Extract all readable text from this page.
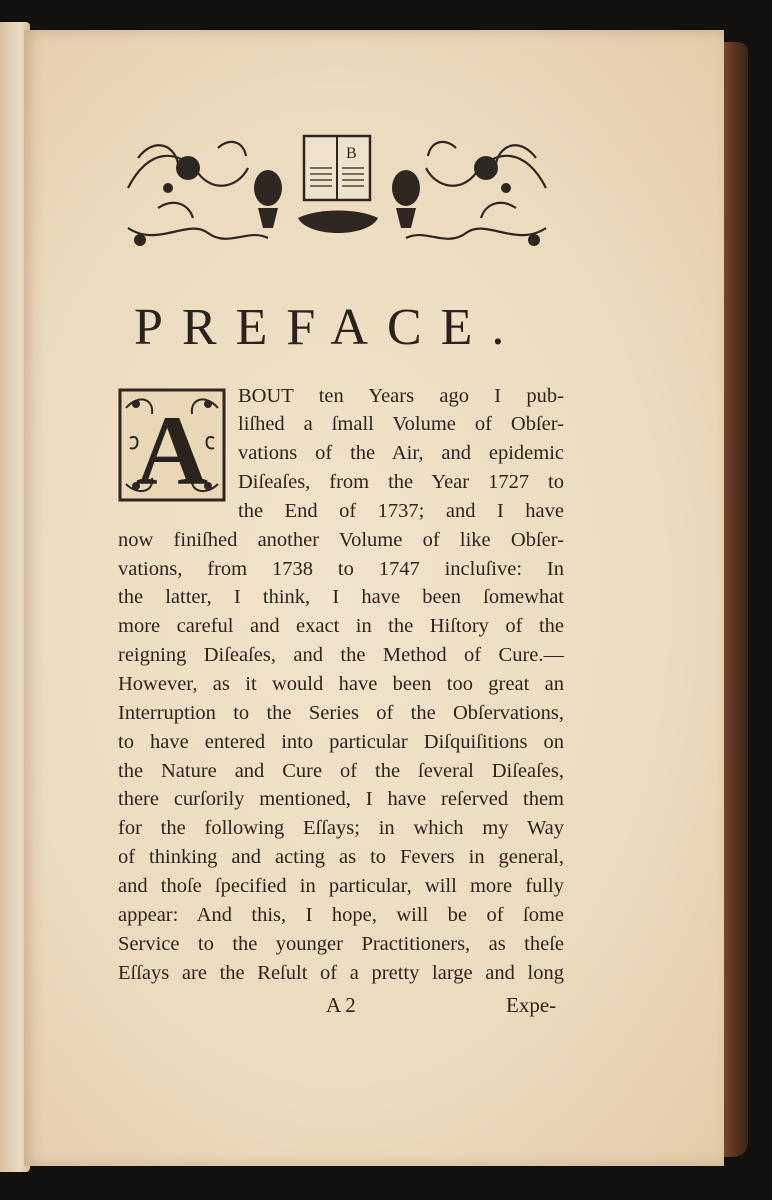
B
PREFACE.
A BOUT ten Years ago I pub-
liſhed a ſmall Volume of Obſer-
vations of the Air, and epidemic
Diſeaſes, from the Year 1727 to
the End of 1737; and I have
now finiſhed another Volume of like Obſer-
vations, from 1738 to 1747 incluſive: In
the latter, I think, I have been ſomewhat
more careful and exact in the Hiſtory of the
reigning Diſeaſes, and the Method of Cure.—
However, as it would have been too great an
Interruption to the Series of the Obſervations,
to have entered into particular Diſquiſitions on
the Nature and Cure of the ſeveral Diſeaſes,
there curſorily mentioned, I have reſerved them
for the following Eſſays; in which my Way
of thinking and acting as to Fevers in general,
and thoſe ſpecified in particular, will more fully
appear: And this, I hope, will be of ſome
Service to the younger Practitioners, as theſe
Eſſays are the Reſult of a pretty large and long
A 2	Expe-
